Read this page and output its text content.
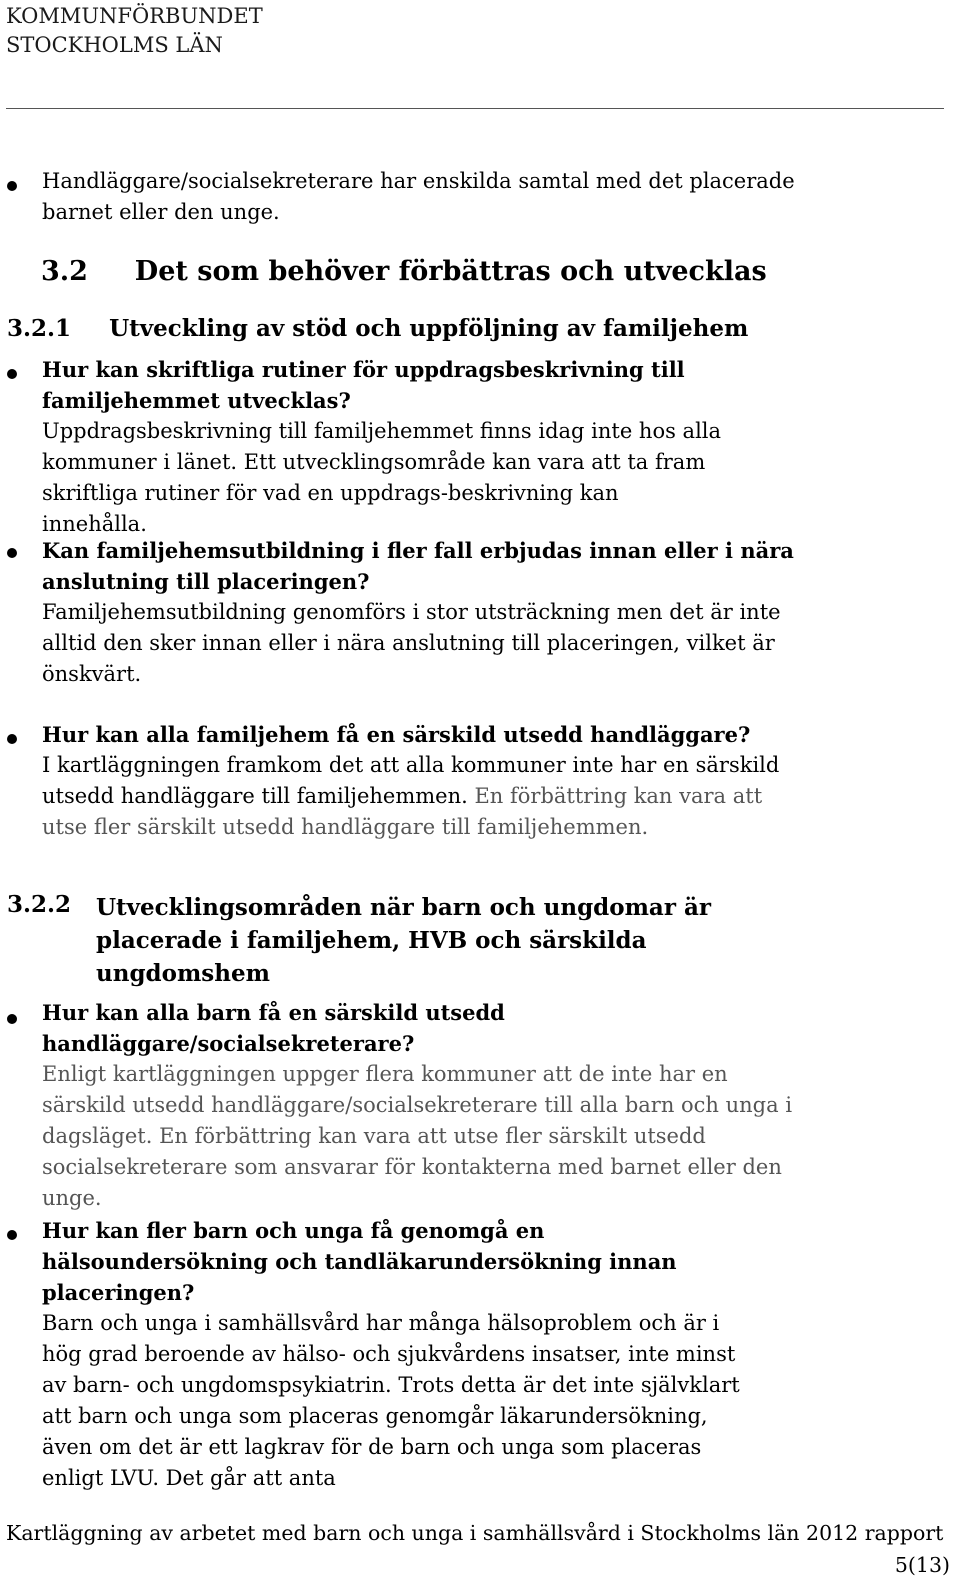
KOMMUNFÖRBUNDET
STOCKHOLMS LÄN

Handläggare/socialsekreterare har enskilda samtal med det placerade barnet eller den unge.

3.2 Det som behöver förbättras och utvecklas
3.2.1 Utveckling av stöd och uppföljning av familjehem
Hur kan skriftliga rutiner för uppdragsbeskrivning till familjehemmet utvecklas?
Uppdragsbeskrivning till familjehemmet finns idag inte hos alla kommuner i länet. Ett utvecklingsområde kan vara att ta fram skriftliga rutiner för vad en uppdrags-beskrivning kan innehålla.
Kan familjehemsutbildning i fler fall erbjudas innan eller i nära anslutning till placeringen?
Familjehemsutbildning genomförs i stor utsträckning men det är inte alltid den sker innan eller i nära anslutning till placeringen, vilket är önskvärt.
Hur kan alla familjehem få en särskild utsedd handläggare?
I kartläggningen framkom det att alla kommuner inte har en särskild utsedd handläggare till familjehemmen. En förbättring kan vara att utse fler särskilt utsedd handläggare till familjehemmen.
3.2.2 Utvecklingsområden när barn och ungdomar är placerade i familjehem, HVB och särskilda ungdomshem
Hur kan alla barn få en särskild utsedd handläggare/socialsekreterare?
Enligt kartläggningen uppger flera kommuner att de inte har en särskild utsedd handläggare/socialsekreterare till alla barn och unga i dagsläget. En förbättring kan vara att utse fler särskilt utsedd socialsekreterare som ansvarar för kontakterna med barnet eller den unge.
Hur kan fler barn och unga få genomgå en hälsoundersökning och tandläkarundersökning innan placeringen?
Barn och unga i samhällsvård har många hälsoproblem och är i hög grad beroende av hälso- och sjukvårdens insatser, inte minst av barn- och ungdomspsykiatrin. Trots detta är det inte självklart att barn och unga som placeras genomgår läkarundersökning, även om det är ett lagkrav för de barn och unga som placeras enligt LVU. Det går att anta
Kartläggning av arbetet med barn och unga i samhällsvård i Stockholms län 2012 rapport
5(13)
